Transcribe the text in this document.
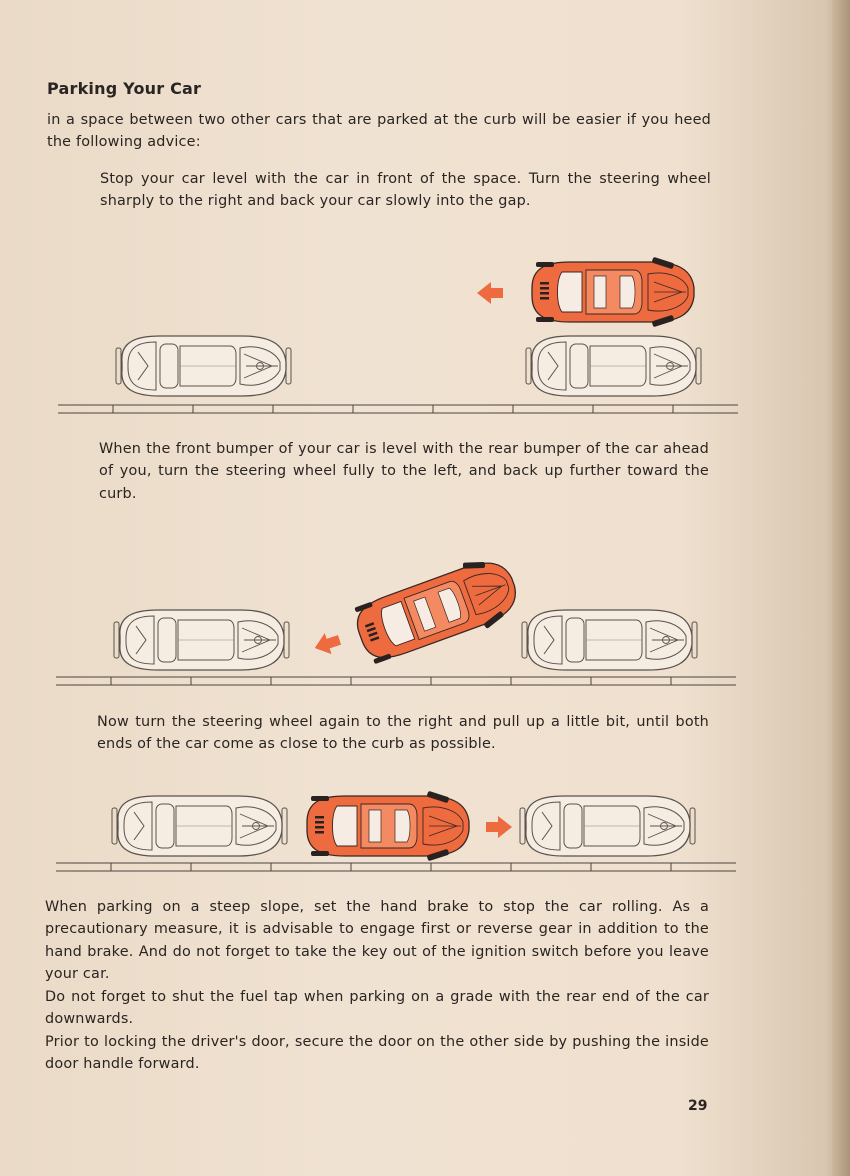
Parking Your Car

in a space between two other cars that are parked at the curb will be easier if you heed the following advice:

Stop your car level with the car in front of the space. Turn the steering wheel sharply to the right and back your car slowly into the gap.

When the front bumper of your car is level with the rear bumper of the car ahead of you, turn the steering wheel fully to the left, and back up further toward the curb.

Now turn the steering wheel again to the right and pull up a little bit, until both ends of the car come as close to the curb as possible.

When parking on a steep slope, set the hand brake to stop the car rolling. As a precautionary measure, it is advisable to engage first or reverse gear in addition to the hand brake. And do not forget to take the key out of the ignition switch before you leave your car.

Do not forget to shut the fuel tap when parking on a grade with the rear end of the car downwards.

Prior to locking the driver's door, secure the door on the other side by pushing the inside door handle forward.

29
